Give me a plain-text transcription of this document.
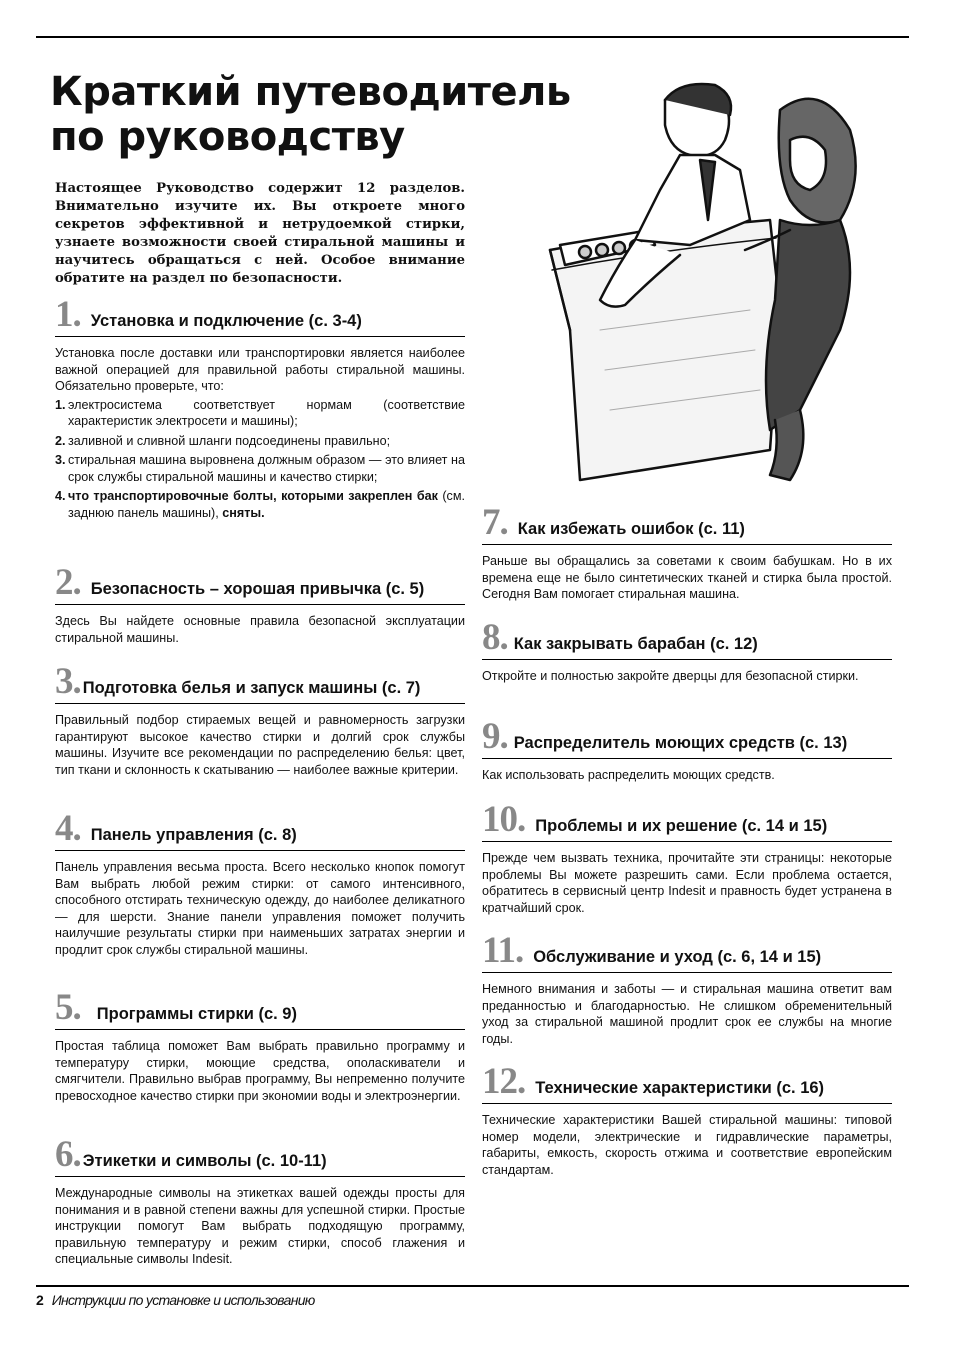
Краткий путеводитель
по руководству

Настоящее Руководство содержит 12 разделов. Внимательно изучите их. Вы откроете много секретов эффективной и нетрудоемкой стирки, узнаете возможности своей стиральной машины и научитесь обращаться с ней. Особое внимание обратите на раздел по безопасности.

1. Установка и подключение (с. 3-4)

Установка после доставки или транспортировки является наиболее важной операцией для правильной работы стиральной машины. Обязательно проверьте, что:

1. электросистема соответствует нормам (соответствие характеристик электросети и машины);
2. заливной и сливной шланги подсоединены правильно;
3. стиральная машина выровнена должным образом — это влияет на срок службы стиральной машины и качество стирки;
4. что транспортировочные болты, которыми закреплен бак (см. заднюю панель машины), сняты.
2. Безопасность – хорошая привычка (с. 5)

Здесь Вы найдете основные правила безопасной эксплуатации стиральной машины.

3. Подготовка белья и запуск машины (с. 7)

Правильный подбор стираемых вещей и равномерность загрузки гарантируют высокое качество стирки и долгий срок службы машины. Изучите все рекомендации по распределению белья: цвет, тип ткани и склонность к скатыванию — наиболее важные критерии.

4. Панель управления (с. 8)

Панель управления весьма проста. Всего несколько кнопок помогут Вам выбрать любой режим стирки: от самого интенсивного, способного отстирать техническую одежду, до наиболее деликатного — для шерсти. Знание панели управления поможет получить наилучшие результаты стирки при наименьших затратах энергии и продлит срок службы стиральной машины.

5. Программы стирки (с. 9)

Простая таблица поможет Вам выбрать правильно программу и температуру стирки, моющие средства, ополаскиватели и смягчители. Правильно выбрав программу, Вы непременно получите превосходное качество стирки при экономии воды и электроэнергии.

6. Этикетки и символы (с. 10-11)

Международные символы на этикетках вашей одежды просты для понимания и в равной степени важны для успешной стирки. Простые инструкции помогут Вам выбрать подходящую программу, правильную температуру и режим стирки, способ глажения и специальные символы Indesit.

7. Как избежать ошибок (с. 11)

Раньше вы обращались за советами к своим бабушкам. Но в их времена еще не было синтетических тканей и стирка была простой. Сегодня Вам помогает стиральная машина.

8. Как закрывать барабан (с. 12)

Откройте и полностью закройте дверцы для безопасной стирки.

9. Распределитель моющих средств (с. 13)

Как использовать распределить моющих средств.

10. Проблемы и их решение (с. 14 и 15)

Прежде чем вызвать техника, прочитайте эти страницы: некоторые проблемы Вы можете разрешить сами. Если проблема остается, обратитесь в сервисный центр Indesit и правность будет устранена в кратчайший срок.

11. Обслуживание и уход (с. 6, 14 и 15)

Немного внимания и заботы — и стиральная машина ответит вам преданностью и благодарностью. Не слишком обременительный уход за стиральной машиной продлит срок ее службы на многие годы.

12. Технические характеристики (с. 16)

Технические характеристики Вашей стиральной машины: типовой номер модели, электрические и гидравлические параметры, габариты, емкость, скорость отжима и соответствие европейским стандартам.

2 Инструкции по установке и использованию
